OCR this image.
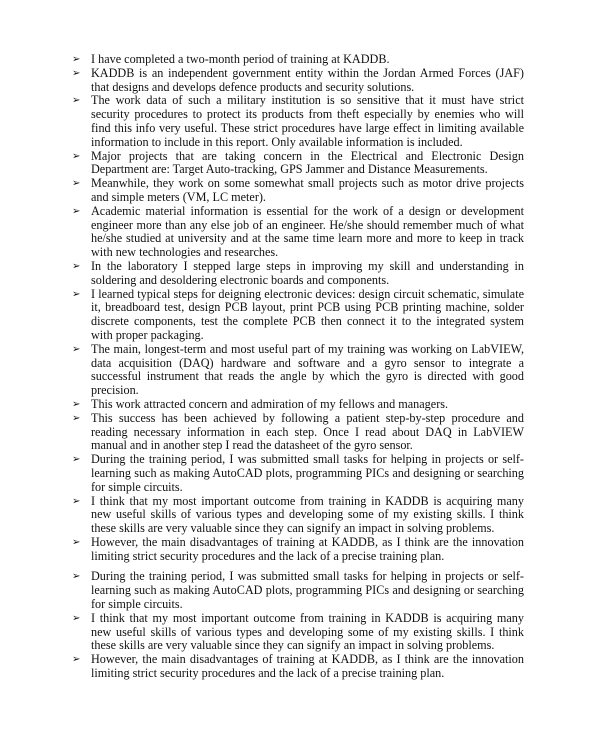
➢ I have completed a two-month period of training at KADDB.
➢ KADDB is an independent government entity within the Jordan Armed Forces (JAF) that designs and develops defence products and security solutions.
➢ The work data of such a military institution is so sensitive that it must have strict security procedures to protect its products from theft especially by enemies who will find this info very useful. These strict procedures have large effect in limiting available information to include in this report. Only available information is included.
➢ Major projects that are taking concern in the Electrical and Electronic Design Department are: Target Auto-tracking, GPS Jammer and Distance Measurements.
➢ Meanwhile, they work on some somewhat small projects such as motor drive projects and simple meters (VM, LC meter).
➢ Academic material information is essential for the work of a design or development engineer more than any else job of an engineer. He/she should remember much of what he/she studied at university and at the same time learn more and more to keep in track with new technologies and researches.
➢ In the laboratory I stepped large steps in improving my skill and understanding in soldering and desoldering electronic boards and components.
➢ I learned typical steps for deigning electronic devices: design circuit schematic, simulate it, breadboard test, design PCB layout, print PCB using PCB printing machine, solder discrete components, test the complete PCB then connect it to the integrated system with proper packaging.
➢ The main, longest-term and most useful part of my training was working on LabVIEW, data acquisition (DAQ) hardware and software and a gyro sensor to integrate a successful instrument that reads the angle by which the gyro is directed with good precision.
➢ This work attracted concern and admiration of my fellows and managers.
➢ This success has been achieved by following a patient step-by-step procedure and reading necessary information in each step. Once I read about DAQ in LabVIEW manual and in another step I read the datasheet of the gyro sensor.
➢ During the training period, I was submitted small tasks for helping in projects or self-learning such as making AutoCAD plots, programming PICs and designing or searching for simple circuits.
➢ I think that my most important outcome from training in KADDB is acquiring many new useful skills of various types and developing some of my existing skills. I think these skills are very valuable since they can signify an impact in solving problems.
➢ However, the main disadvantages of training at KADDB, as I think are the innovation limiting strict security procedures and the lack of a precise training plan.
➢ During the training period, I was submitted small tasks for helping in projects or self-learning such as making AutoCAD plots, programming PICs and designing or searching for simple circuits.
➢ I think that my most important outcome from training in KADDB is acquiring many new useful skills of various types and developing some of my existing skills. I think these skills are very valuable since they can signify an impact in solving problems.
➢ However, the main disadvantages of training at KADDB, as I think are the innovation limiting strict security procedures and the lack of a precise training plan.
